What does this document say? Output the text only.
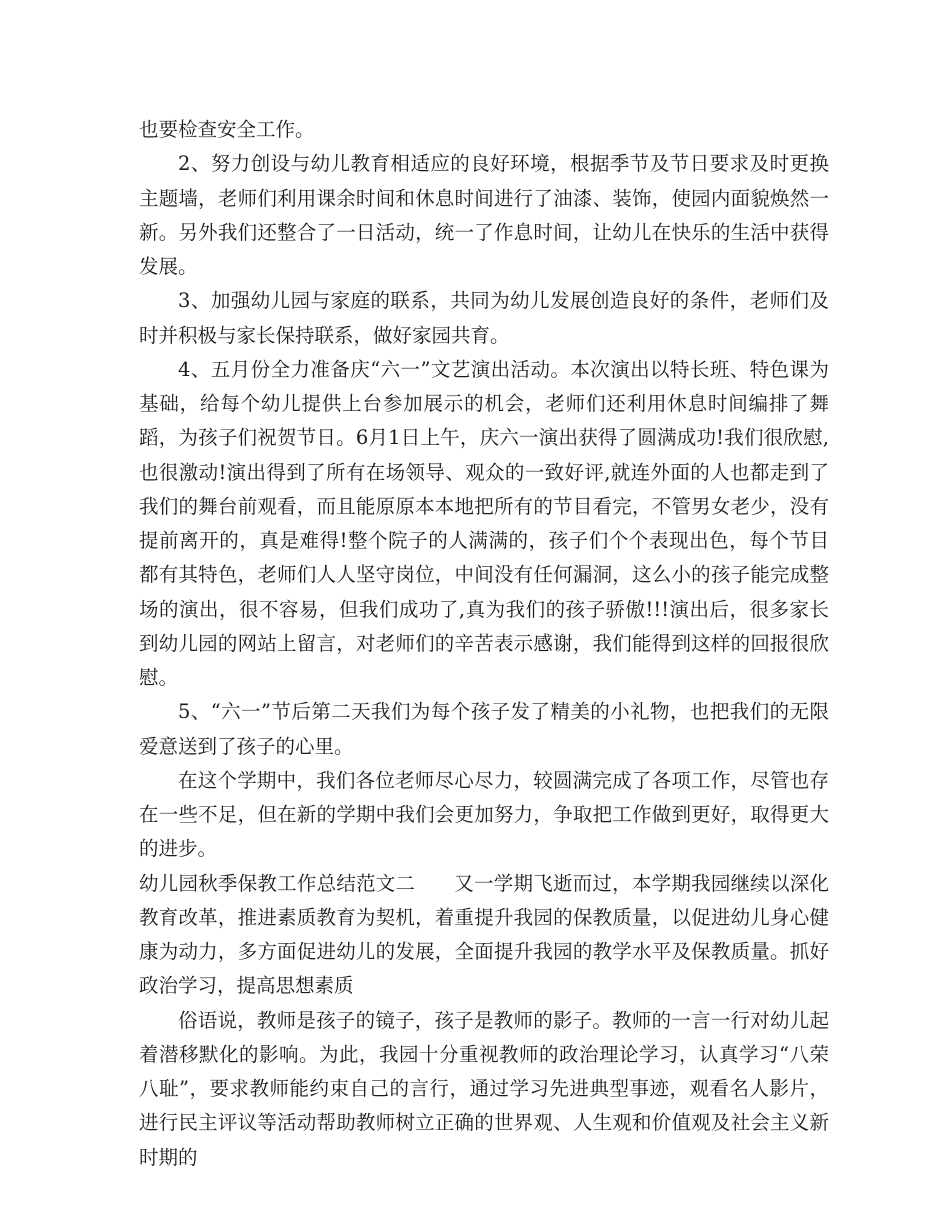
也要检查安全工作。

2、努力创设与幼儿教育相适应的良好环境，根据季节及节日要求及时更换主题墙，老师们利用课余时间和休息时间进行了油漆、装饰，使园内面貌焕然一新。另外我们还整合了一日活动，统一了作息时间，让幼儿在快乐的生活中获得发展。

3、加强幼儿园与家庭的联系，共同为幼儿发展创造良好的条件，老师们及时并积极与家长保持联系，做好家园共育。

4、五月份全力准备庆“六一”文艺演出活动。本次演出以特长班、特色课为基础，给每个幼儿提供上台参加展示的机会，老师们还利用休息时间编排了舞蹈，为孩子们祝贺节日。6月1日上午，庆六一演出获得了圆满成功!我们很欣慰,也很激动!演出得到了所有在场领导、观众的一致好评,就连外面的人也都走到了我们的舞台前观看，而且能原原本本地把所有的节目看完，不管男女老少，没有提前离开的，真是难得!整个院子的人满满的，孩子们个个表现出色，每个节目都有其特色，老师们人人坚守岗位，中间没有任何漏洞，这么小的孩子能完成整场的演出，很不容易，但我们成功了,真为我们的孩子骄傲!!!演出后，很多家长到幼儿园的网站上留言，对老师们的辛苦表示感谢，我们能得到这样的回报很欣慰。

5、“六一”节后第二天我们为每个孩子发了精美的小礼物，也把我们的无限爱意送到了孩子的心里。

在这个学期中，我们各位老师尽心尽力，较圆满完成了各项工作，尽管也存在一些不足，但在新的学期中我们会更加努力，争取把工作做到更好，取得更大的进步。

幼儿园秋季保教工作总结范文二 又一学期飞逝而过，本学期我园继续以深化教育改革，推进素质教育为契机，着重提升我园的保教质量，以促进幼儿身心健康为动力，多方面促进幼儿的发展，全面提升我园的教学水平及保教质量。抓好政治学习，提高思想素质

俗语说，教师是孩子的镜子，孩子是教师的影子。教师的一言一行对幼儿起着潜移默化的影响。为此，我园十分重视教师的政治理论学习，认真学习“八荣八耻”，要求教师能约束自己的言行，通过学习先进典型事迹，观看名人影片，进行民主评议等活动帮助教师树立正确的世界观、人生观和价值观及社会主义新时期的
